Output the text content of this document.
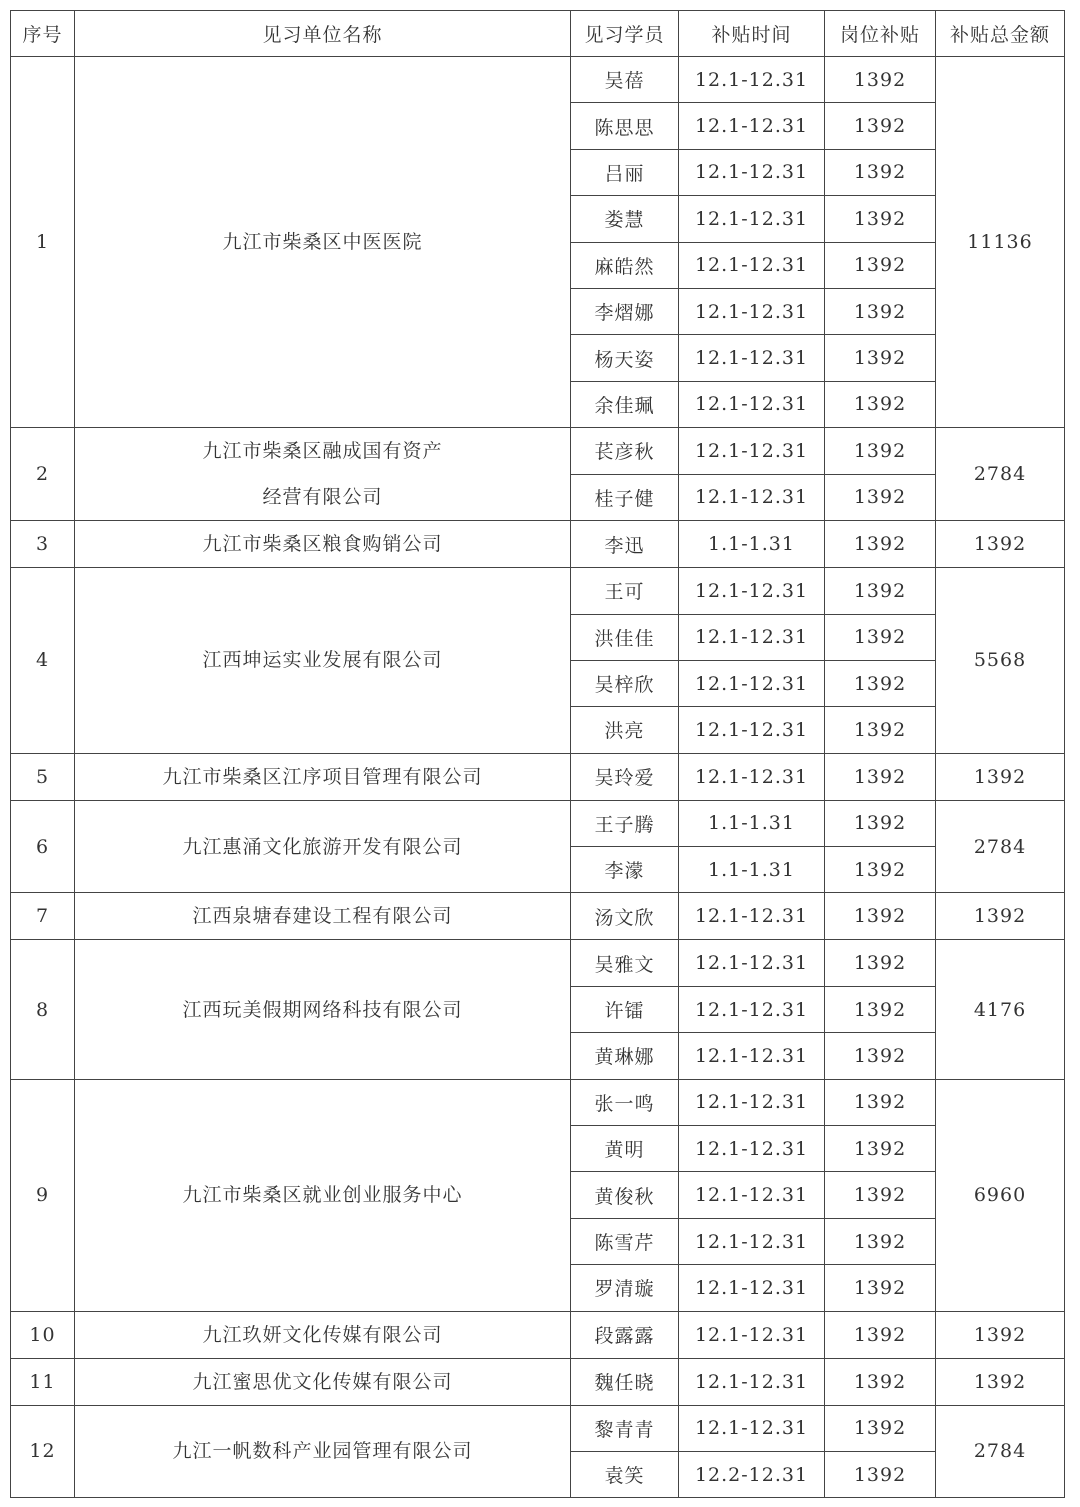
序号	见习单位名称	见习学员	补贴时间	岗位补贴	补贴总金额
1	九江市柴桑区中医医院	吴蓓	12.1-12.31	1392	11136
		陈思思	12.1-12.31	1392	
		吕丽	12.1-12.31	1392	
		娄慧	12.1-12.31	1392	
		麻皓然	12.1-12.31	1392	
		李熠娜	12.1-12.31	1392	
		杨天姿	12.1-12.31	1392	
		余佳珮	12.1-12.31	1392	
2	九江市柴桑区融成国有资产
经营有限公司	苌彦秋	12.1-12.31	1392	2784
		桂子健	12.1-12.31	1392	
3	九江市柴桑区粮食购销公司	李迅	1.1-1.31	1392	1392
4	江西坤运实业发展有限公司	王可	12.1-12.31	1392	5568
		洪佳佳	12.1-12.31	1392	
		吴梓欣	12.1-12.31	1392	
		洪亮	12.1-12.31	1392	
5	九江市柴桑区江序项目管理有限公司	吴玲爱	12.1-12.31	1392	1392
6	九江惠涌文化旅游开发有限公司	王子腾	1.1-1.31	1392	2784
		李濛	1.1-1.31	1392	
7	江西泉塘春建设工程有限公司	汤文欣	12.1-12.31	1392	1392
8	江西玩美假期网络科技有限公司	吴雅文	12.1-12.31	1392	4176
		许镭	12.1-12.31	1392	
		黄琳娜	12.1-12.31	1392	
9	九江市柴桑区就业创业服务中心	张一鸣	12.1-12.31	1392	6960
		黄明	12.1-12.31	1392	
		黄俊秋	12.1-12.31	1392	
		陈雪芹	12.1-12.31	1392	
		罗清璇	12.1-12.31	1392	
10	九江玖妍文化传媒有限公司	段露露	12.1-12.31	1392	1392
11	九江蜜思优文化传媒有限公司	魏任晓	12.1-12.31	1392	1392
12	九江一帆数科产业园管理有限公司	黎青青	12.1-12.31	1392	2784
		袁笑	12.2-12.31	1392	
